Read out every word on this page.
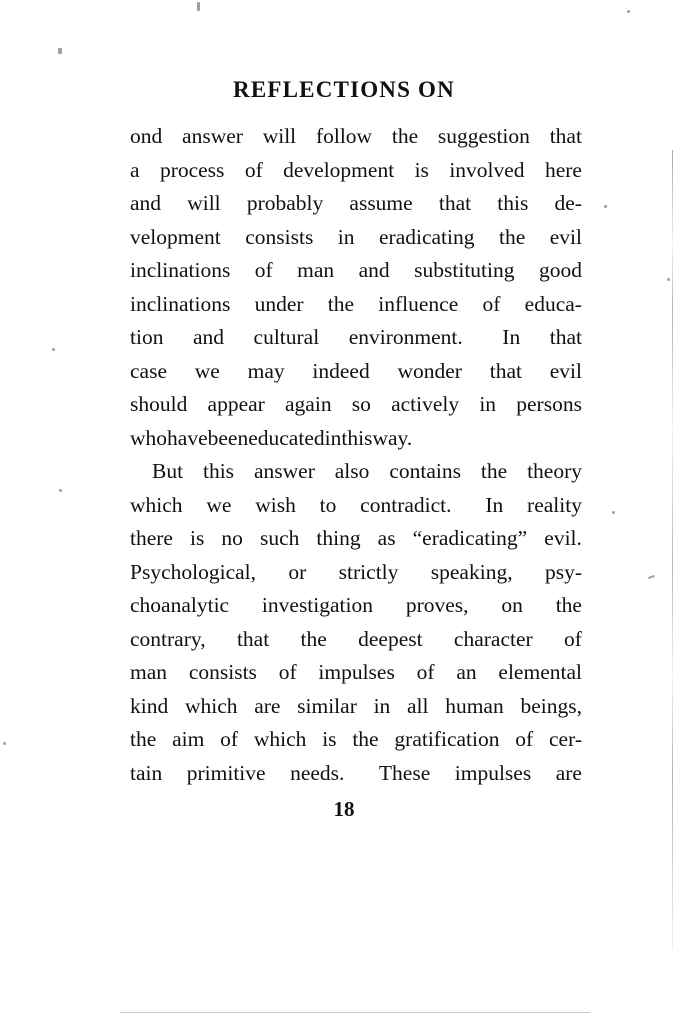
REFLECTIONS ON
ond answer will follow the suggestion that
a process of development is involved here
and will probably assume that this de-
velopment consists in eradicating the evil
inclinations of man and substituting good
inclinations under the influence of educa-
tion and cultural environment. In that
case we may indeed wonder that evil
should appear again so actively in persons
who have been educated in this way.
But this answer also contains the theory
which we wish to contradict. In reality
there is no such thing as “eradicating” evil.
Psychological, or strictly speaking, psy-
choanalytic investigation proves, on the
contrary, that the deepest character of
man consists of impulses of an elemental
kind which are similar in all human beings,
the aim of which is the gratification of cer-
tain primitive needs. These impulses are
18
